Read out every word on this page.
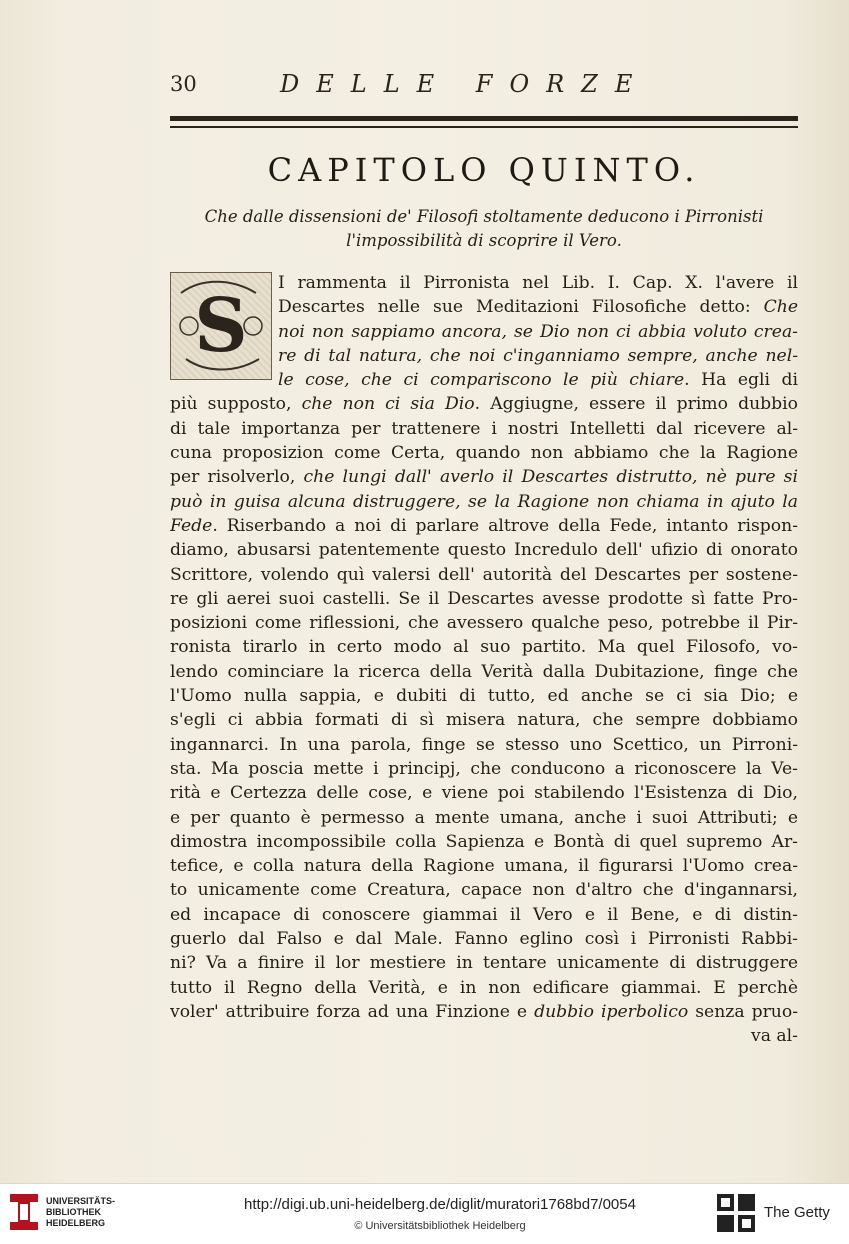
30	DELLE FORZE
CAPITOLO QUINTO.
Che dalle dissensioni de' Filosofi stoltamente deducono i Pirronisti
l'impossibilità di scoprire il Vero.
S I rammenta il Pirronista nel Lib. I. Cap. X. l'avere il
Descartes nelle sue Meditazioni Filosofiche detto: Che
noi non sappiamo ancora, se Dio non ci abbia voluto crea-
re di tal natura, che noi c'inganniamo sempre, anche nel-
le cose, che ci compariscono le più chiare. Ha egli di
più supposto, che non ci sia Dio. Aggiugne, essere il primo dubbio
di tale importanza per trattenere i nostri Intelletti dal ricevere al-
cuna proposizion come Certa, quando non abbiamo che la Ragione
per risolverlo, che lungi dall' averlo il Descartes distrutto, nè pure si
può in guisa alcuna distruggere, se la Ragione non chiama in ajuto la
Fede. Riserbando a noi di parlare altrove della Fede, intanto rispon-
diamo, abusarsi patentemente questo Incredulo dell' ufizio di onorato
Scrittore, volendo quì valersi dell' autorità del Descartes per sostene-
re gli aerei suoi castelli. Se il Descartes avesse prodotte sì fatte Pro-
posizioni come riflessioni, che avessero qualche peso, potrebbe il Pir-
ronista tirarlo in certo modo al suo partito. Ma quel Filosofo, vo-
lendo cominciare la ricerca della Verità dalla Dubitazione, finge che
l'Uomo nulla sappia, e dubiti di tutto, ed anche se ci sia Dio; e
s'egli ci abbia formati di sì misera natura, che sempre dobbiamo
ingannarci. In una parola, finge se stesso uno Scettico, un Pirroni-
sta. Ma poscia mette i principj, che conducono a riconoscere la Ve-
rità e Certezza delle cose, e viene poi stabilendo l'Esistenza di Dio,
e per quanto è permesso a mente umana, anche i suoi Attributi; e
dimostra incompossibile colla Sapienza e Bontà di quel supremo Ar-
tefice, e colla natura della Ragione umana, il figurarsi l'Uomo crea-
to unicamente come Creatura, capace non d'altro che d'ingannarsi,
ed incapace di conoscere giammai il Vero e il Bene, e di distin-
guerlo dal Falso e dal Male. Fanno eglino così i Pirronisti Rabbi-
ni? Va a finire il lor mestiere in tentare unicamente di distruggere
tutto il Regno della Verità, e in non edificare giammai. E perchè
voler' attribuire forza ad una Finzione e dubbio iperbolico senza pruo-
va al-
UNIVERSITÄTS-
BIBLIOTHEK
HEIDELBERG
http://digi.ub.uni-heidelberg.de/diglit/muratori1768bd7/0054
© Universitätsbibliothek Heidelberg
The Getty
